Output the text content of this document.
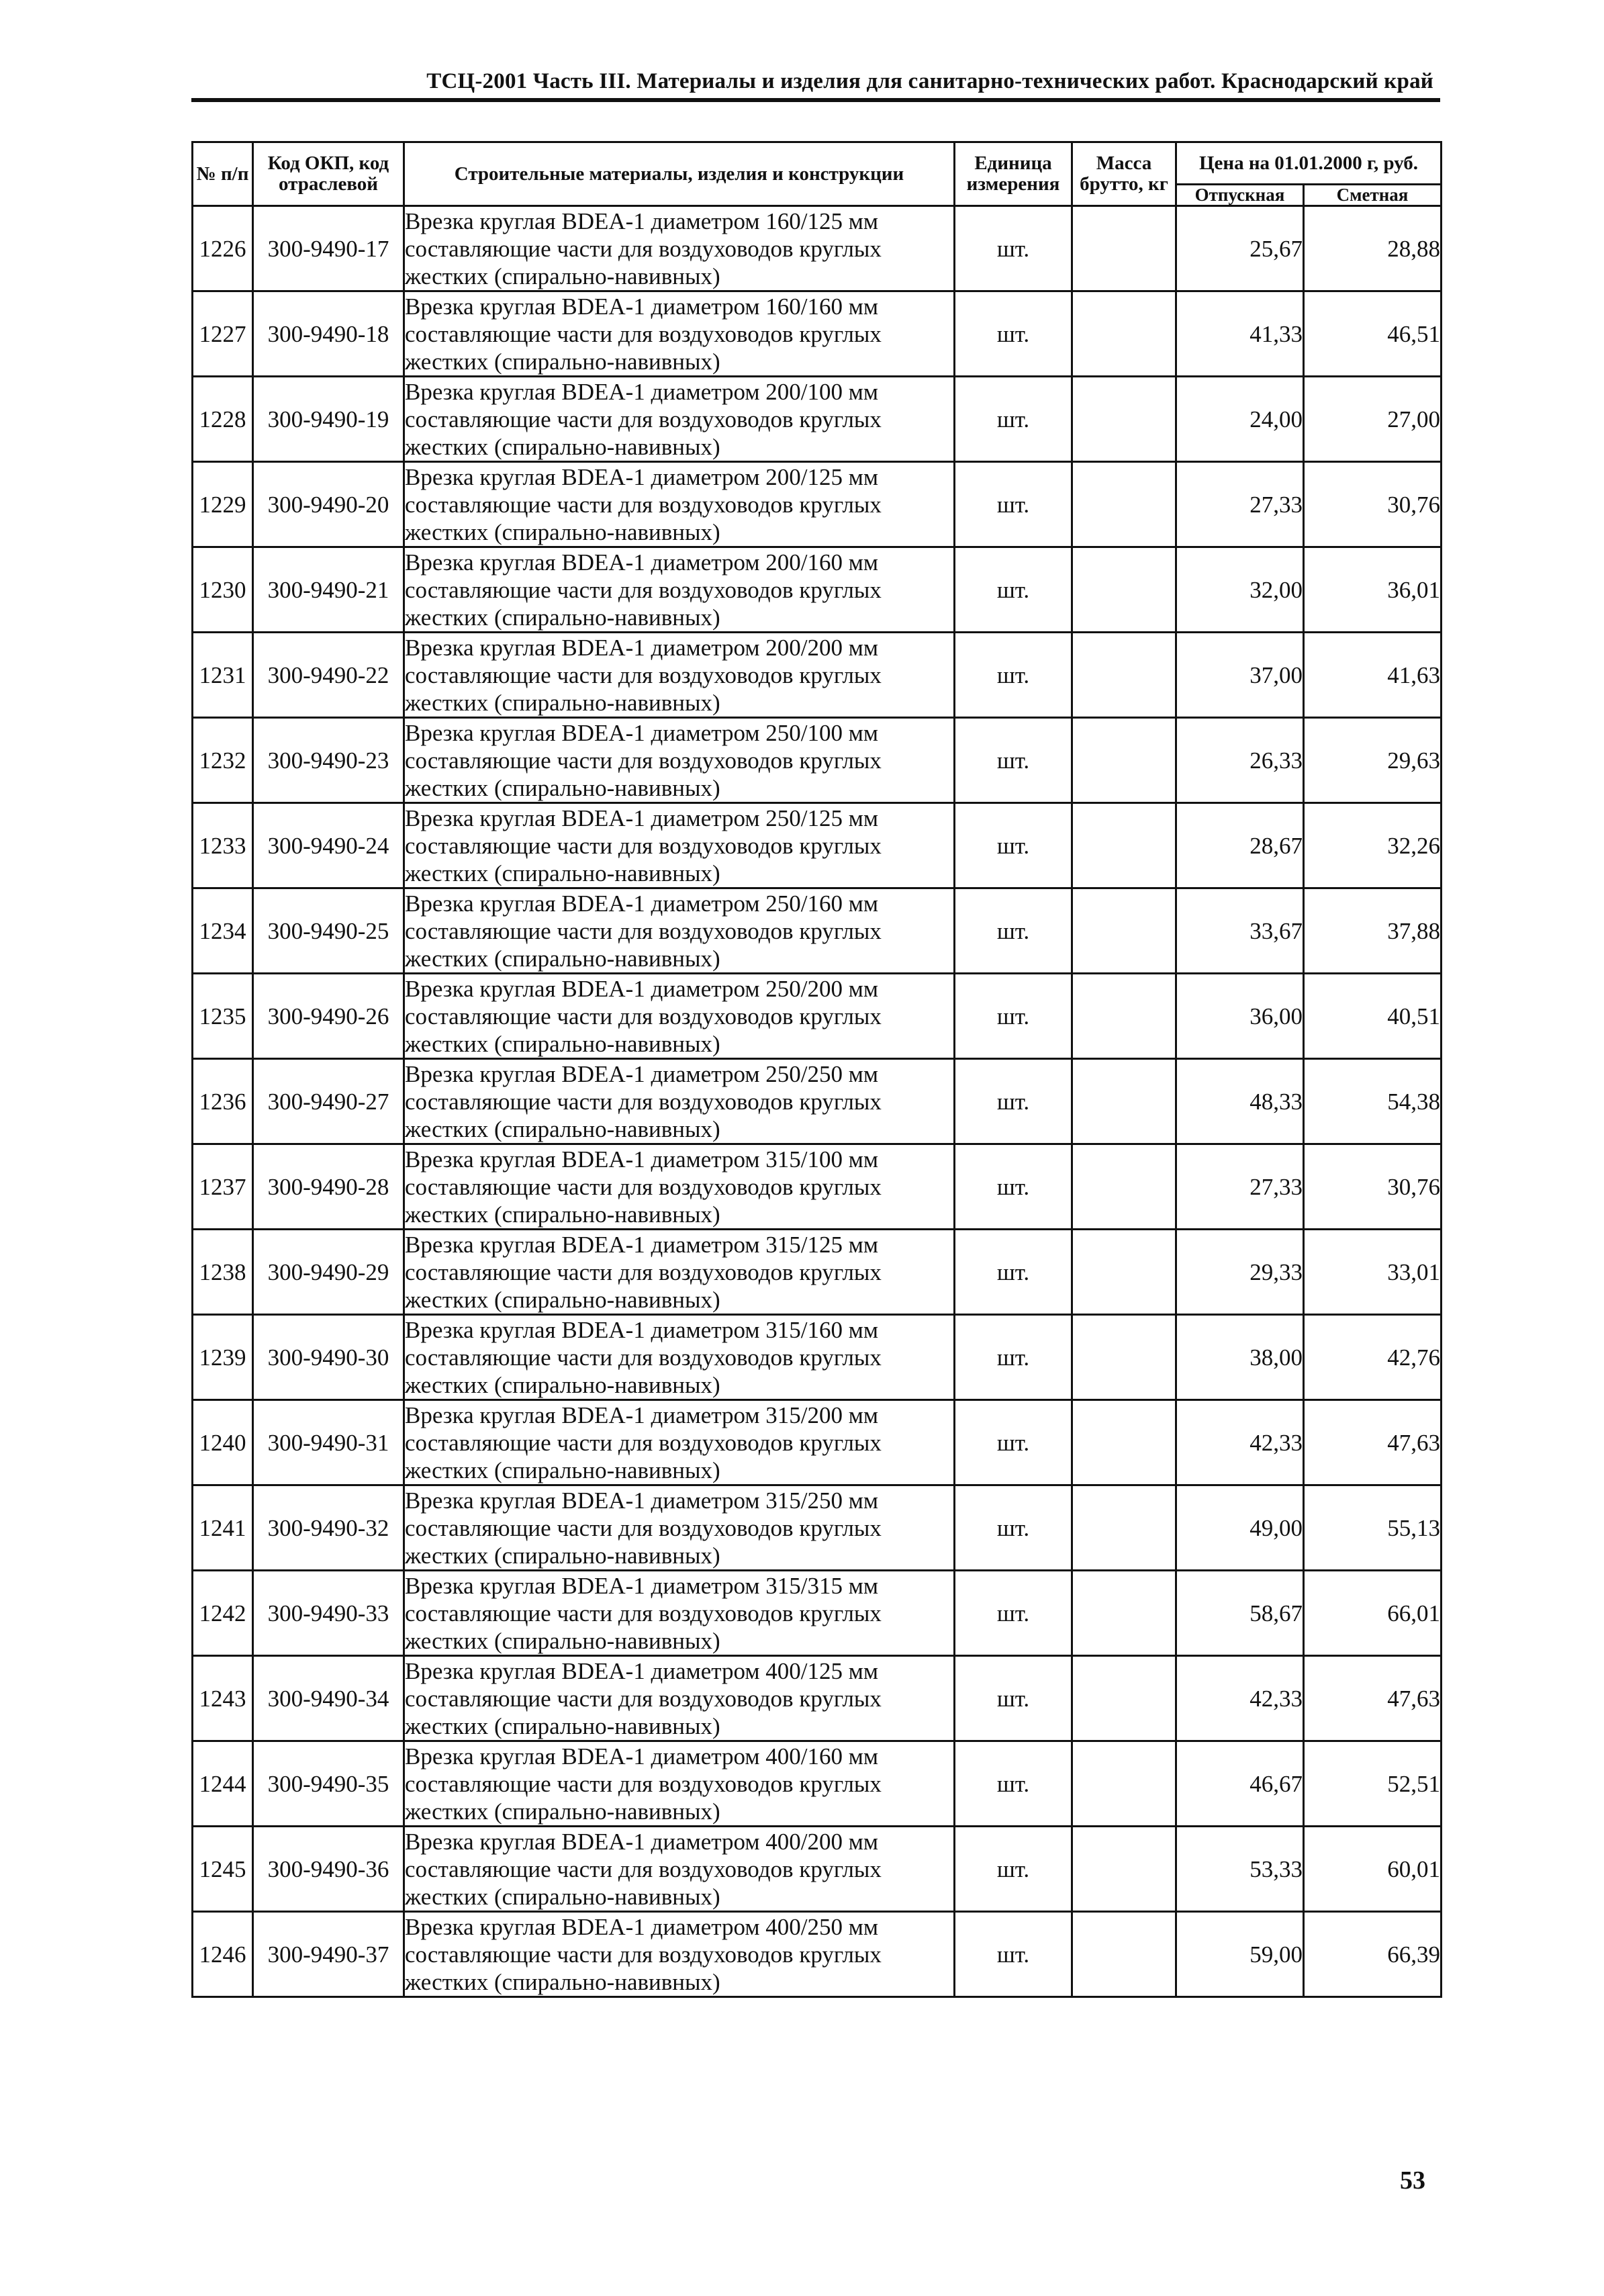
ТСЦ-2001 Часть III. Материалы и изделия для санитарно-технических работ. Краснодарский край
№ п/п	Код ОКП, код отраслевой	Строительные материалы, изделия и конструкции	Единица измерения	Масса брутто, кг	Цена на 01.01.2000 г, руб.	
					Отпускная	Сметная
1226	300-9490-17	Врезка круглая BDEA-1 диаметром 160/125 мм составляющие части для воздуховодов круглых жестких (спирально-навивных)	шт.		25,67	28,88
1227	300-9490-18	Врезка круглая BDEA-1 диаметром 160/160 мм составляющие части для воздуховодов круглых жестких (спирально-навивных)	шт.		41,33	46,51
1228	300-9490-19	Врезка круглая BDEA-1 диаметром 200/100 мм составляющие части для воздуховодов круглых жестких (спирально-навивных)	шт.		24,00	27,00
1229	300-9490-20	Врезка круглая BDEA-1 диаметром 200/125 мм составляющие части для воздуховодов круглых жестких (спирально-навивных)	шт.		27,33	30,76
1230	300-9490-21	Врезка круглая BDEA-1 диаметром 200/160 мм составляющие части для воздуховодов круглых жестких (спирально-навивных)	шт.		32,00	36,01
1231	300-9490-22	Врезка круглая BDEA-1 диаметром 200/200 мм составляющие части для воздуховодов круглых жестких (спирально-навивных)	шт.		37,00	41,63
1232	300-9490-23	Врезка круглая BDEA-1 диаметром 250/100 мм составляющие части для воздуховодов круглых жестких (спирально-навивных)	шт.		26,33	29,63
1233	300-9490-24	Врезка круглая BDEA-1 диаметром 250/125 мм составляющие части для воздуховодов круглых жестких (спирально-навивных)	шт.		28,67	32,26
1234	300-9490-25	Врезка круглая BDEA-1 диаметром 250/160 мм составляющие части для воздуховодов круглых жестких (спирально-навивных)	шт.		33,67	37,88
1235	300-9490-26	Врезка круглая BDEA-1 диаметром 250/200 мм составляющие части для воздуховодов круглых жестких (спирально-навивных)	шт.		36,00	40,51
1236	300-9490-27	Врезка круглая BDEA-1 диаметром 250/250 мм составляющие части для воздуховодов круглых жестких (спирально-навивных)	шт.		48,33	54,38
1237	300-9490-28	Врезка круглая BDEA-1 диаметром 315/100 мм составляющие части для воздуховодов круглых жестких (спирально-навивных)	шт.		27,33	30,76
1238	300-9490-29	Врезка круглая BDEA-1 диаметром 315/125 мм составляющие части для воздуховодов круглых жестких (спирально-навивных)	шт.		29,33	33,01
1239	300-9490-30	Врезка круглая BDEA-1 диаметром 315/160 мм составляющие части для воздуховодов круглых жестких (спирально-навивных)	шт.		38,00	42,76
1240	300-9490-31	Врезка круглая BDEA-1 диаметром 315/200 мм составляющие части для воздуховодов круглых жестких (спирально-навивных)	шт.		42,33	47,63
1241	300-9490-32	Врезка круглая BDEA-1 диаметром 315/250 мм составляющие части для воздуховодов круглых жестких (спирально-навивных)	шт.		49,00	55,13
1242	300-9490-33	Врезка круглая BDEA-1 диаметром 315/315 мм составляющие части для воздуховодов круглых жестких (спирально-навивных)	шт.		58,67	66,01
1243	300-9490-34	Врезка круглая BDEA-1 диаметром 400/125 мм составляющие части для воздуховодов круглых жестких (спирально-навивных)	шт.		42,33	47,63
1244	300-9490-35	Врезка круглая BDEA-1 диаметром 400/160 мм составляющие части для воздуховодов круглых жестких (спирально-навивных)	шт.		46,67	52,51
1245	300-9490-36	Врезка круглая BDEA-1 диаметром 400/200 мм составляющие части для воздуховодов круглых жестких (спирально-навивных)	шт.		53,33	60,01
1246	300-9490-37	Врезка круглая BDEA-1 диаметром 400/250 мм составляющие части для воздуховодов круглых жестких (спирально-навивных)	шт.		59,00	66,39
53
